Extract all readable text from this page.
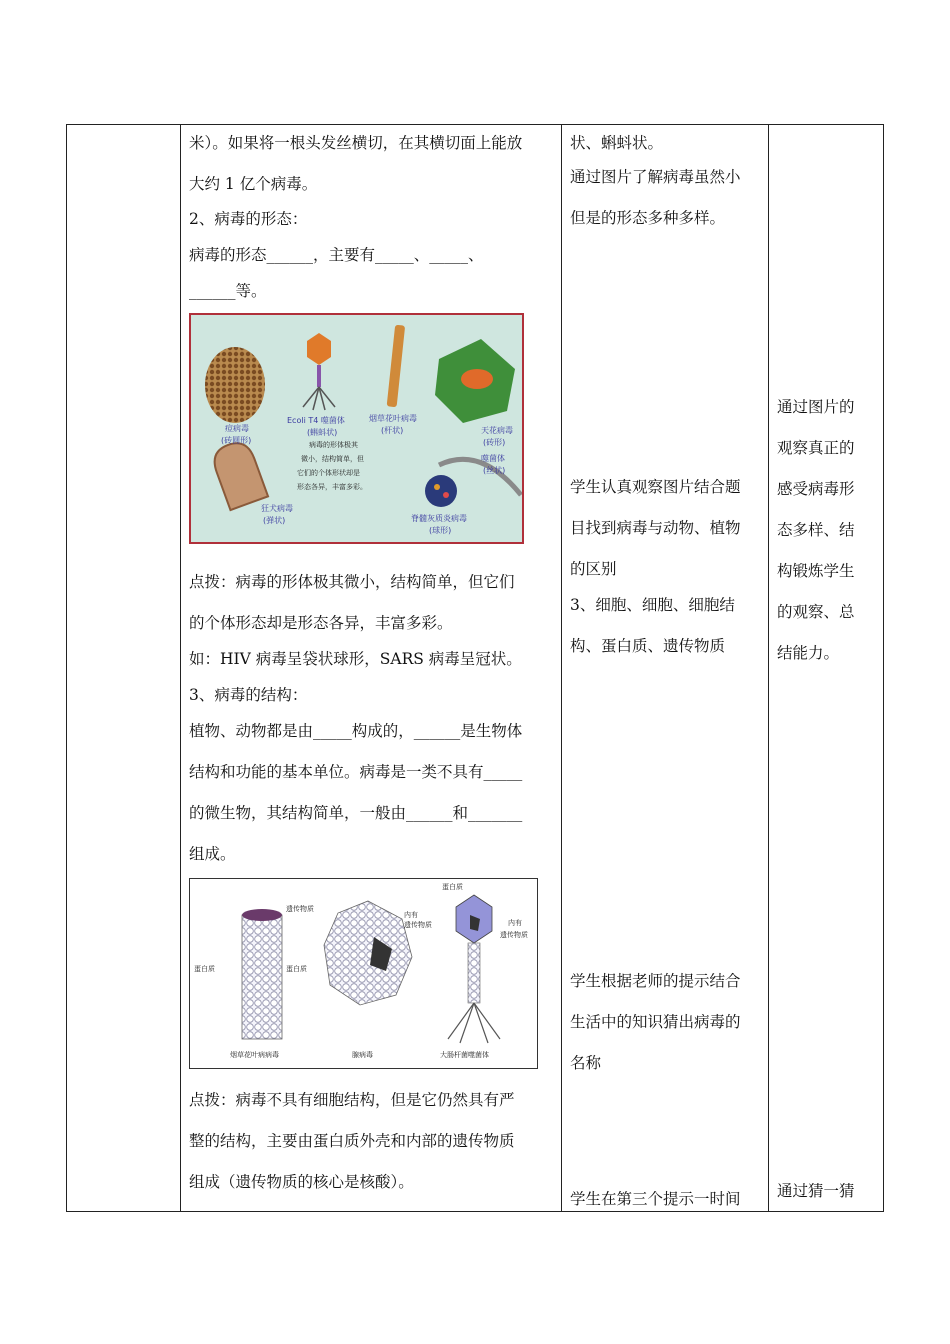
米）。如果将一根头发丝横切，在其横切面上能放
大约 1 亿个病毒。
2、病毒的形态：
病毒的形态______，主要有_____、_____、
______等。
痘病毒
(砖圆形)
Ecoli T4 噬菌体
(蝌蚪状)
烟草花叶病毒
(杆状)	天花病毒
(砖形)
狂犬病毒
(弹状)
病毒的形体极其
微小，结构简单，但
它们的个体形状却是
形态各异，丰富多彩。
脊髓灰质炎病毒
(球形)
噬菌体
(丝状)
点拨：病毒的形体极其微小，结构简单，但它们
的个体形态却是形态各异，丰富多彩。
如：HIV 病毒呈袋状球形，SARS 病毒呈冠状。
3、病毒的结构：
植物、动物都是由_____构成的，______是生物体
结构和功能的基本单位。病毒是一类不具有_____
的微生物，其结构简单，一般由______和_______
组成。
遗传物质
蛋白质
烟草花叶病病毒
内有
遗传物质
蛋白质
腺病毒
蛋白质
内有
遗传物质
大肠杆菌噬菌体
点拨：病毒不具有细胞结构，但是它仍然具有严
整的结构，主要由蛋白质外壳和内部的遗传物质
组成（遗传物质的核心是核酸）。
状、蝌蚪状。
通过图片了解病毒虽然小
但是的形态多种多样。
学生认真观察图片结合题
目找到病毒与动物、植物
的区别
3、细胞、细胞、细胞结
构、蛋白质、遗传物质
学生根据老师的提示结合
生活中的知识猜出病毒的
名称
学生在第三个提示一时间
通过图片的
观察真正的
感受病毒形
态多样、结
构锻炼学生
的观察、总
结能力。
通过猜一猜
